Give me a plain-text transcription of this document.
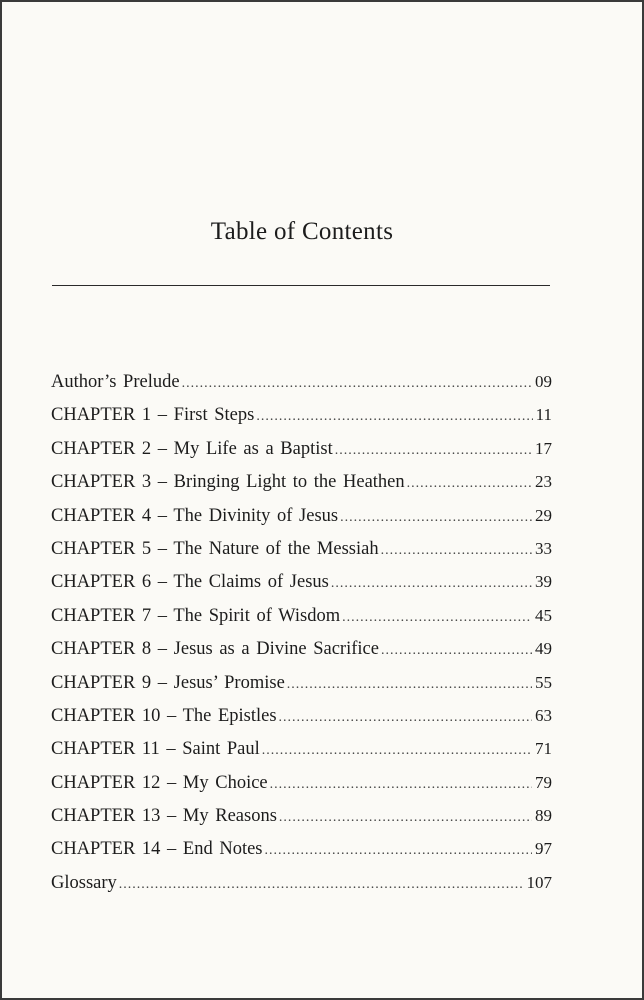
Table of Contents
Author’s Prelude .....	09
CHAPTER 1 – First Steps .....	11
CHAPTER 2 – My Life as a Baptist .....	17
CHAPTER 3 – Bringing Light to the Heathen .....	23
CHAPTER 4 – The Divinity of Jesus .....	29
CHAPTER 5 – The Nature of the Messiah .....	33
CHAPTER 6 – The Claims of Jesus .....	39
CHAPTER 7 – The Spirit of Wisdom .....	45
CHAPTER 8 – Jesus as a Divine Sacrifice .....	49
CHAPTER 9 – Jesus’ Promise .....	55
CHAPTER 10 – The Epistles .....	63
CHAPTER 11 – Saint Paul .....	71
CHAPTER 12 – My Choice .....	79
CHAPTER 13 – My Reasons .....	89
CHAPTER 14 – End Notes .....	97
Glossary .....	107
